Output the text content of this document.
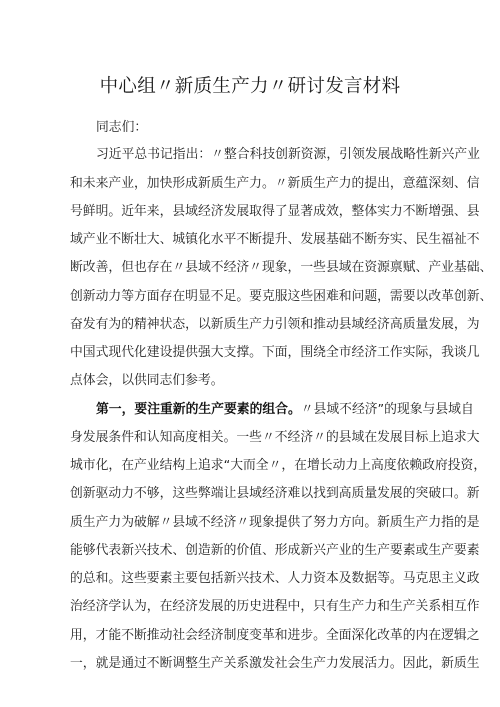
中心组〃新质生产力〃研讨发言材料
同志们：
习近平总书记指出：〃整合科技创新资源，引领发展战略性新兴产业
和未来产业，加快形成新质生产力。〃新质生产力的提出，意蕴深刻、信
号鲜明。近年来，县域经济发展取得了显著成效，整体实力不断增强、县
域产业不断壮大、城镇化水平不断提升、发展基础不断夯实、民生福祉不
断改善，但也存在〃县域不经济〃现象，一些县域在资源禀赋、产业基础、
创新动力等方面存在明显不足。要克服这些困难和问题，需要以改革创新、
奋发有为的精神状态，以新质生产力引领和推动县域经济高质量发展，为
中国式现代化建设提供强大支撑。下面，围绕全市经济工作实际，我谈几
点体会，以供同志们参考。
第一，要注重新的生产要素的组合。〃县域不经济”的现象与县域自
身发展条件和认知高度相关。一些〃不经济〃的县域在发展目标上追求大
城市化，在产业结构上追求“大而全〃，在增长动力上高度依赖政府投资，
创新驱动力不够，这些弊端让县域经济难以找到高质量发展的突破口。新
质生产力为破解〃县域不经济〃现象提供了努力方向。新质生产力指的是
能够代表新兴技术、创造新的价值、形成新兴产业的生产要素或生产要素
的总和。这些要素主要包括新兴技术、人力资本及数据等。马克思主义政
治经济学认为，在经济发展的历史进程中，只有生产力和生产关系相互作
用，才能不断推动社会经济制度变革和进步。全面深化改革的内在逻辑之
一，就是通过不断调整生产关系激发社会生产力发展活力。因此，新质生
